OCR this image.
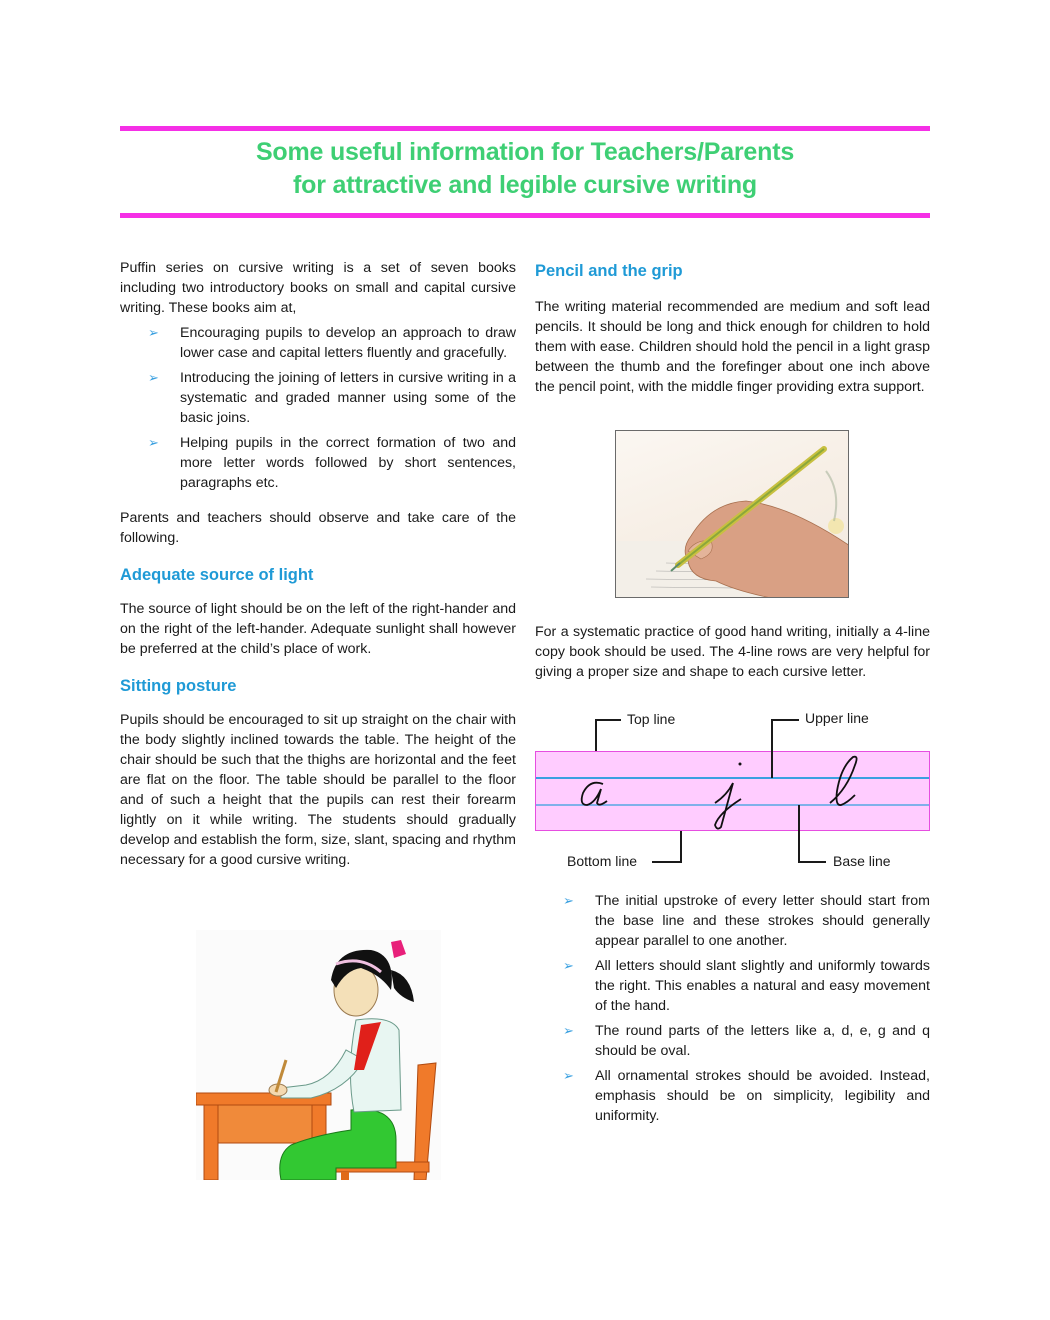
Some useful information for Teachers/Parents
for attractive and legible cursive writing

Puffin series on cursive writing is a set of seven books including two introductory books on small and capital cursive writing. These books aim at,

➢ Encouraging pupils to develop an approach to draw lower case and capital letters fluently and gracefully.
➢ Introducing the joining of letters in cursive writing in a systematic and graded manner using some of the basic joins.
➢ Helping pupils in the correct formation of two and more letter words followed by short sentences, paragraphs etc.

Parents and teachers should observe and take care of the following.

Adequate source of light

The source of light should be on the left of the right-hander and on the right of the left-hander. Adequate sunlight shall however be preferred at the child’s place of work.

Sitting posture

Pupils should be encouraged to sit up straight on the chair with the body slightly inclined towards the table. The height of the chair should be such that the thighs are horizontal and the feet are flat on the floor. The table should be parallel to the floor and of such a height that the pupils can rest their forearm lightly on it while writing. The students should gradually develop and establish the form, size, slant, spacing and rhythm necessary for a good cursive writing.

Pencil and the grip

The writing material recommended are medium and soft lead pencils. It should be long and thick enough for children to hold them with ease. Children should hold the pencil in a light grasp between the thumb and the forefinger about one inch above the pencil point, with the middle finger providing extra support.

For a systematic practice of good hand writing, initially a 4-line copy book should be used. The 4-line rows are very helpful for giving a proper size and shape to each cursive letter.

Top line	Upper line
Bottom line	Base line
➢ The initial upstroke of every letter should start from the base line and these strokes should generally appear parallel to one another.
➢ All letters should slant slightly and uniformly towards the right. This enables a natural and easy movement of the hand.
➢ The round parts of the letters like a, d, e, g and q should be oval.
➢ All ornamental strokes should be avoided. Instead, emphasis should be on simplicity, legibility and uniformity.
